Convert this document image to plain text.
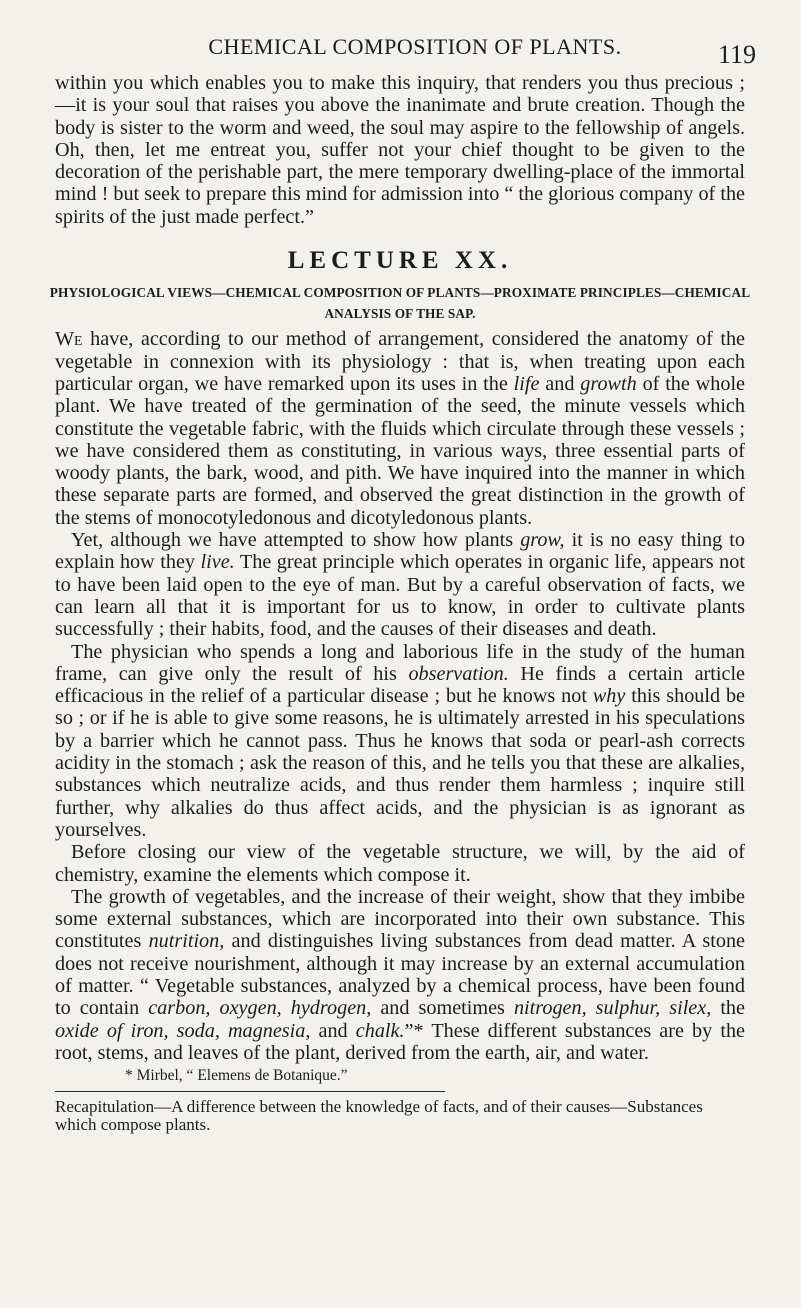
CHEMICAL COMPOSITION OF PLANTS.	119

within you which enables you to make this inquiry, that renders you thus precious ;—it is your soul that raises you above the inanimate and brute creation. Though the body is sister to the worm and weed, the soul may aspire to the fellowship of angels. Oh, then, let me entreat you, suffer not your chief thought to be given to the decoration of the perishable part, the mere temporary dwelling-place of the immortal mind ! but seek to prepare this mind for admission into “ the glorious company of the spirits of the just made perfect.”

LECTURE XX.
PHYSIOLOGICAL VIEWS—CHEMICAL COMPOSITION OF PLANTS—PROXIMATE PRINCIPLES—CHEMICAL ANALYSIS OF THE SAP.

We have, according to our method of arrangement, considered the anatomy of the vegetable in connexion with its physiology : that is, when treating upon each particular organ, we have remarked upon its uses in the life and growth of the whole plant. We have treated of the germination of the seed, the minute vessels which constitute the vegetable fabric, with the fluids which circulate through these vessels ; we have considered them as constituting, in various ways, three essential parts of woody plants, the bark, wood, and pith. We have inquired into the manner in which these separate parts are formed, and observed the great distinction in the growth of the stems of monocotyledonous and dicotyledonous plants.

Yet, although we have attempted to show how plants grow, it is no easy thing to explain how they live. The great principle which operates in organic life, appears not to have been laid open to the eye of man. But by a careful observation of facts, we can learn all that it is important for us to know, in order to cultivate plants successfully ; their habits, food, and the causes of their diseases and death.

The physician who spends a long and laborious life in the study of the human frame, can give only the result of his observation. He finds a certain article efficacious in the relief of a particular disease ; but he knows not why this should be so ; or if he is able to give some reasons, he is ultimately arrested in his speculations by a barrier which he cannot pass. Thus he knows that soda or pearl-ash corrects acidity in the stomach ; ask the reason of this, and he tells you that these are alkalies, substances which neutralize acids, and thus render them harmless ; inquire still further, why alkalies do thus affect acids, and the physician is as ignorant as yourselves.

Before closing our view of the vegetable structure, we will, by the aid of chemistry, examine the elements which compose it.

The growth of vegetables, and the increase of their weight, show that they imbibe some external substances, which are incorporated into their own substance. This constitutes nutrition, and distinguishes living substances from dead matter. A stone does not receive nourishment, although it may increase by an external accumulation of matter. “ Vegetable substances, analyzed by a chemical process, have been found to contain carbon, oxygen, hydrogen, and sometimes nitrogen, sulphur, silex, the oxide of iron, soda, magnesia, and chalk.”* These different substances are by the root, stems, and leaves of the plant, derived from the earth, air, and water.

* Mirbel, “ Elemens de Botanique.”
Recapitulation—A difference between the knowledge of facts, and of their causes—Substances which compose plants.
